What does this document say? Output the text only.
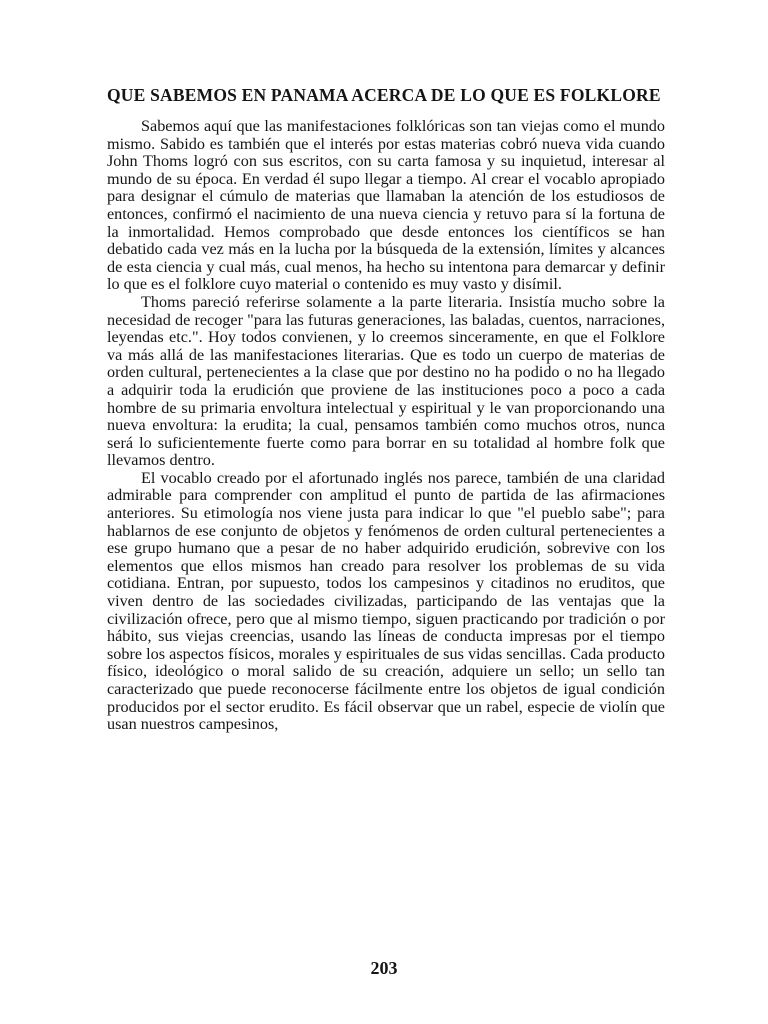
QUE SABEMOS EN PANAMA ACERCA DE LO QUE ES FOLKLORE

Sabemos aquí que las manifestaciones folklóricas son tan viejas como el mundo mismo. Sabido es también que el interés por estas materias cobró nueva vida cuando John Thoms logró con sus escritos, con su carta famosa y su inquietud, interesar al mundo de su época. En verdad él supo llegar a tiempo. Al crear el vocablo apropiado para designar el cúmulo de materias que llamaban la atención de los estudiosos de entonces, confirmó el nacimiento de una nueva ciencia y retuvo para sí la fortuna de la inmortalidad. Hemos comprobado que desde entonces los científicos se han debatido cada vez más en la lucha por la búsqueda de la extensión, límites y alcances de esta ciencia y cual más, cual menos, ha hecho su intentona para demarcar y definir lo que es el folklore cuyo material o contenido es muy vasto y disímil.

Thoms pareció referirse solamente a la parte literaria. Insistía mucho sobre la necesidad de recoger "para las futuras generaciones, las baladas, cuentos, narraciones, leyendas etc.". Hoy todos convienen, y lo creemos sinceramente, en que el Folklore va más allá de las manifestaciones literarias. Que es todo un cuerpo de materias de orden cultural, pertenecientes a la clase que por destino no ha podido o no ha llegado a adquirir toda la erudición que proviene de las instituciones poco a poco a cada hombre de su primaria envoltura intelectual y espiritual y le van proporcionando una nueva envoltura: la erudita; la cual, pensamos también como muchos otros, nunca será lo suficientemente fuerte como para borrar en su totalidad al hombre folk que llevamos dentro.

El vocablo creado por el afortunado inglés nos parece, también de una claridad admirable para comprender con amplitud el punto de partida de las afirmaciones anteriores. Su etimología nos viene justa para indicar lo que "el pueblo sabe"; para hablarnos de ese conjunto de objetos y fenómenos de orden cultural pertenecientes a ese grupo humano que a pesar de no haber adquirido erudición, sobrevive con los elementos que ellos mismos han creado para resolver los problemas de su vida cotidiana. Entran, por supuesto, todos los campesinos y citadinos no eruditos, que viven dentro de las sociedades civilizadas, participando de las ventajas que la civilización ofrece, pero que al mismo tiempo, siguen practicando por tradición o por hábito, sus viejas creencias, usando las líneas de conducta impresas por el tiempo sobre los aspectos físicos, morales y espirituales de sus vidas sencillas. Cada producto físico, ideológico o moral salido de su creación, adquiere un sello; un sello tan caracterizado que puede reconocerse fácilmente entre los objetos de igual condición producidos por el sector erudito. Es fácil observar que un rabel, especie de violín que usan nuestros campesinos,

203
